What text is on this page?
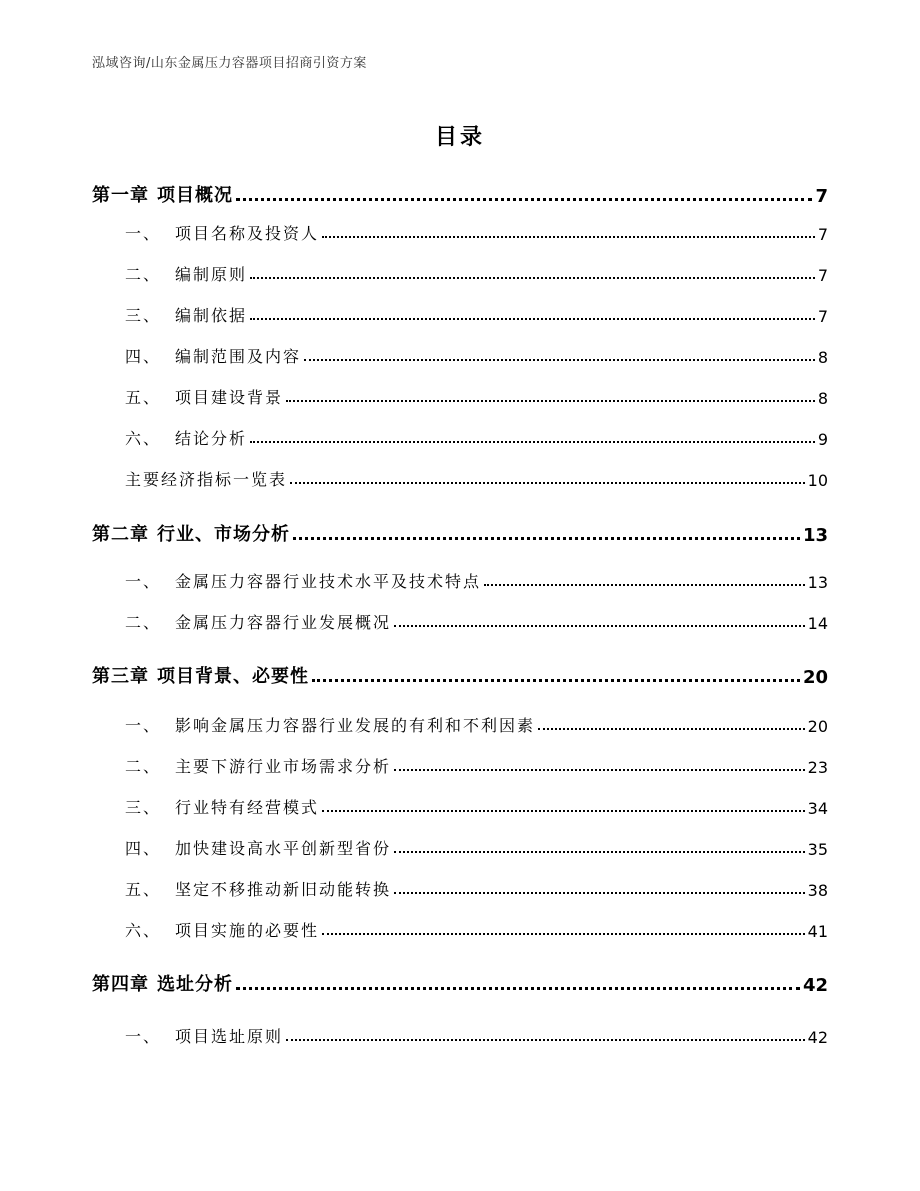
泓域咨询/山东金属压力容器项目招商引资方案
目录
第一章 项目概况	7
一、 项目名称及投资人	7
二、 编制原则	7
三、 编制依据	7
四、 编制范围及内容	8
五、 项目建设背景	8
六、 结论分析	9
主要经济指标一览表	10
第二章 行业、市场分析	13
一、 金属压力容器行业技术水平及技术特点	13
二、 金属压力容器行业发展概况	14
第三章 项目背景、必要性	20
一、 影响金属压力容器行业发展的有利和不利因素	20
二、 主要下游行业市场需求分析	23
三、 行业特有经营模式	34
四、 加快建设高水平创新型省份	35
五、 坚定不移推动新旧动能转换	38
六、 项目实施的必要性	41
第四章 选址分析	42
一、 项目选址原则	42
